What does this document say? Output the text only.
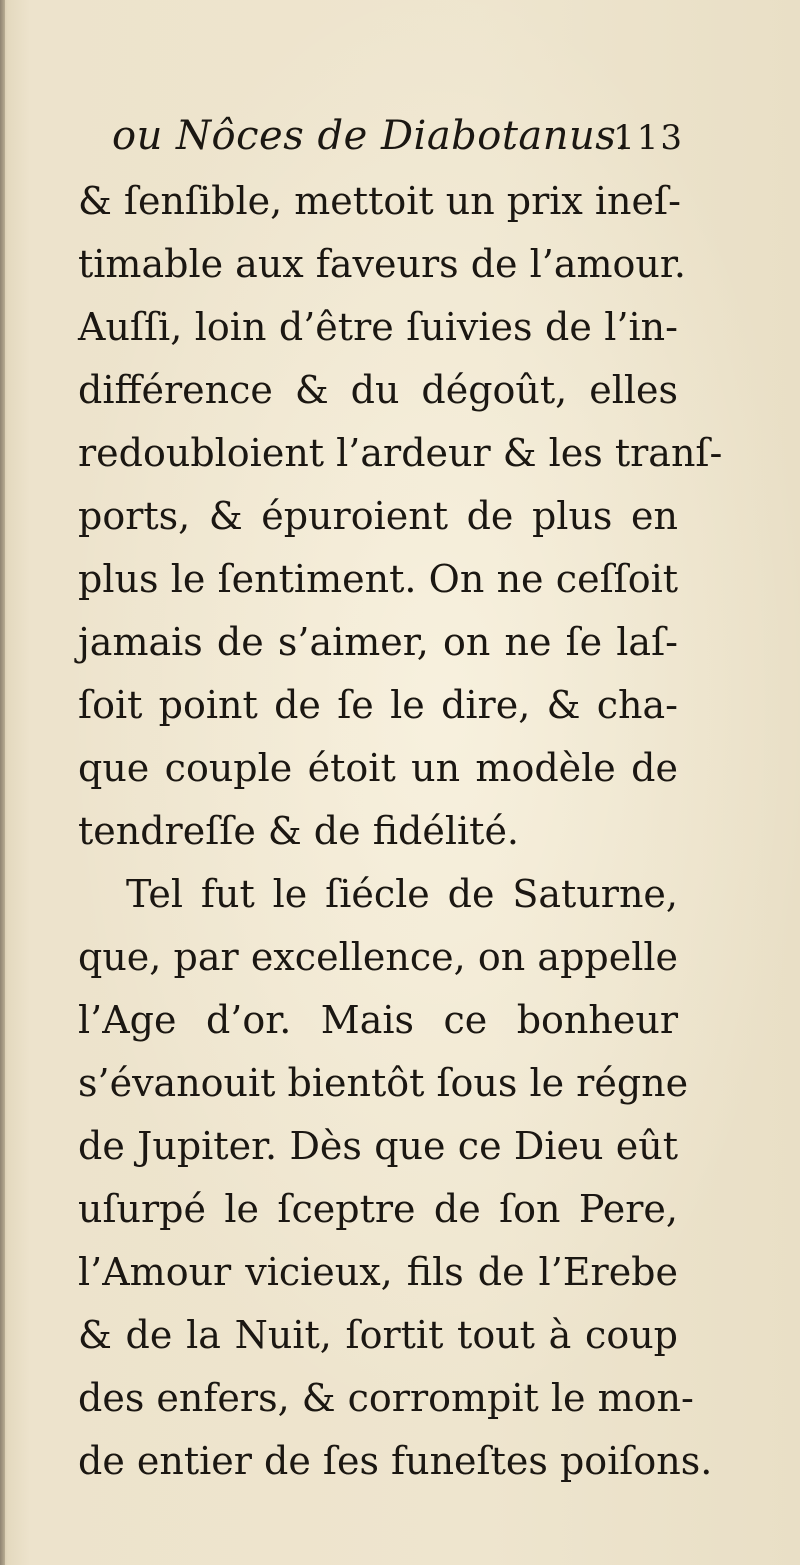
ou Nôces de Diabotanus.
113
& ſenſible, mettoit un prix ineſ-
timable aux faveurs de l’amour.
Auſſi, loin d’être ſuivies de l’in-
différence & du dégoût, elles
redoubloient l’ardeur & les tranſ-
ports, & épuroient de plus en
plus le ſentiment. On ne ceſſoit
jamais de s’aimer, on ne ſe laſ-
ſoit point de ſe le dire, & cha-
que couple étoit un modèle de
tendreſſe & de fidélité.
Tel fut le ſiécle de Saturne,
que, par excellence, on appelle
l’Age d’or. Mais ce bonheur
s’évanouit bientôt ſous le régne
de Jupiter. Dès que ce Dieu eût
uſurpé le ſceptre de ſon Pere,
l’Amour vicieux, fils de l’Erebe
& de la Nuit, ſortit tout à coup
des enfers, & corrompit le mon-
de entier de ſes funeſtes poiſons.
